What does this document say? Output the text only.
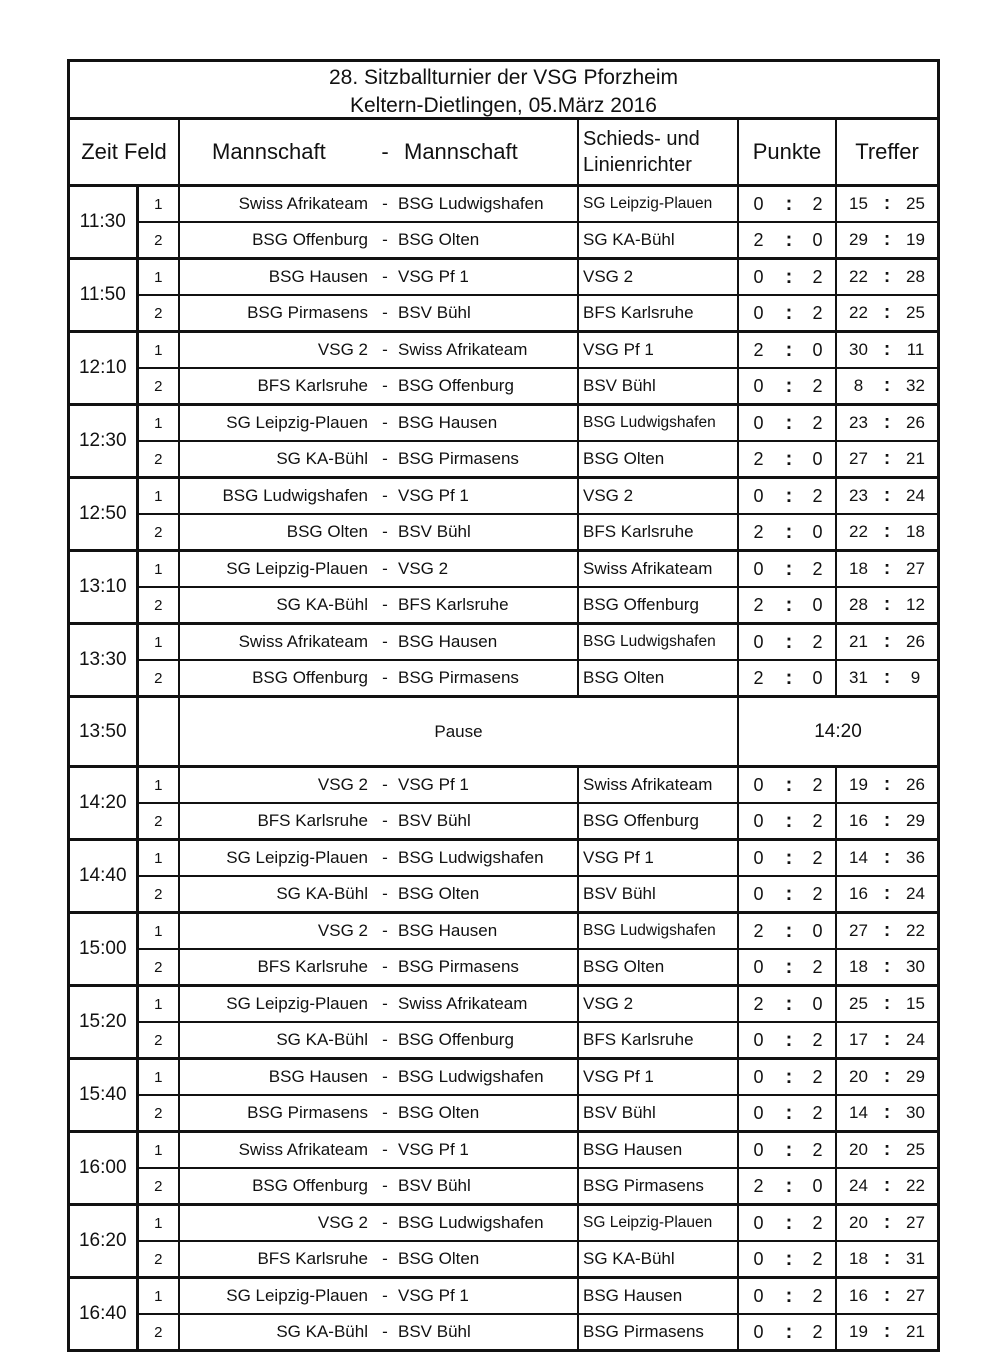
28. Sitzballturnier der VSG Pforzheim
Keltern-Dietlingen, 05.März 2016
Zeit Feld		Mannschaft	-	Mannschaft	Schieds- und
Linienrichter	Punkte			Treffer		
11:30	1	Swiss Afrikateam	-	BSG Ludwigshafen	SG Leipzig-Plauen	0	:	2	15	:	25
	2	BSG Offenburg	-	BSG Olten	SG KA-Bühl	2	:	0	29	:	19
11:50	1	BSG Hausen	-	VSG Pf 1	VSG 2	0	:	2	22	:	28
	2	BSG Pirmasens	-	BSV Bühl	BFS Karlsruhe	0	:	2	22	:	25
12:10	1	VSG 2	-	Swiss Afrikateam	VSG Pf 1	2	:	0	30	:	11
	2	BFS Karlsruhe	-	BSG Offenburg	BSV Bühl	0	:	2	8	:	32
12:30	1	SG Leipzig-Plauen	-	BSG Hausen	BSG Ludwigshafen	0	:	2	23	:	26
	2	SG KA-Bühl	-	BSG Pirmasens	BSG Olten	2	:	0	27	:	21
12:50	1	BSG Ludwigshafen	-	VSG Pf 1	VSG 2	0	:	2	23	:	24
	2	BSG Olten	-	BSV Bühl	BFS Karlsruhe	2	:	0	22	:	18
13:10	1	SG Leipzig-Plauen	-	VSG 2	Swiss Afrikateam	0	:	2	18	:	27
	2	SG KA-Bühl	-	BFS Karlsruhe	BSG Offenburg	2	:	0	28	:	12
13:30	1	Swiss Afrikateam	-	BSG Hausen	BSG Ludwigshafen	0	:	2	21	:	26
	2	BSG Offenburg	-	BSG Pirmasens	BSG Olten	2	:	0	31	:	9
13:50		Pause				14:20					
14:20	1	VSG 2	-	VSG Pf 1	Swiss Afrikateam	0	:	2	19	:	26
	2	BFS Karlsruhe	-	BSV Bühl	BSG Offenburg	0	:	2	16	:	29
14:40	1	SG Leipzig-Plauen	-	BSG Ludwigshafen	VSG Pf 1	0	:	2	14	:	36
	2	SG KA-Bühl	-	BSG Olten	BSV Bühl	0	:	2	16	:	24
15:00	1	VSG 2	-	BSG Hausen	BSG Ludwigshafen	2	:	0	27	:	22
	2	BFS Karlsruhe	-	BSG Pirmasens	BSG Olten	0	:	2	18	:	30
15:20	1	SG Leipzig-Plauen	-	Swiss Afrikateam	VSG 2	2	:	0	25	:	15
	2	SG KA-Bühl	-	BSG Offenburg	BFS Karlsruhe	0	:	2	17	:	24
15:40	1	BSG Hausen	-	BSG Ludwigshafen	VSG Pf 1	0	:	2	20	:	29
	2	BSG Pirmasens	-	BSG Olten	BSV Bühl	0	:	2	14	:	30
16:00	1	Swiss Afrikateam	-	VSG Pf 1	BSG Hausen	0	:	2	20	:	25
	2	BSG Offenburg	-	BSV Bühl	BSG Pirmasens	2	:	0	24	:	22
16:20	1	VSG 2	-	BSG Ludwigshafen	SG Leipzig-Plauen	0	:	2	20	:	27
	2	BFS Karlsruhe	-	BSG Olten	SG KA-Bühl	0	:	2	18	:	31
16:40	1	SG Leipzig-Plauen	-	VSG Pf 1	BSG Hausen	0	:	2	16	:	27
	2	SG KA-Bühl	-	BSV Bühl	BSG Pirmasens	0	:	2	19	:	21
